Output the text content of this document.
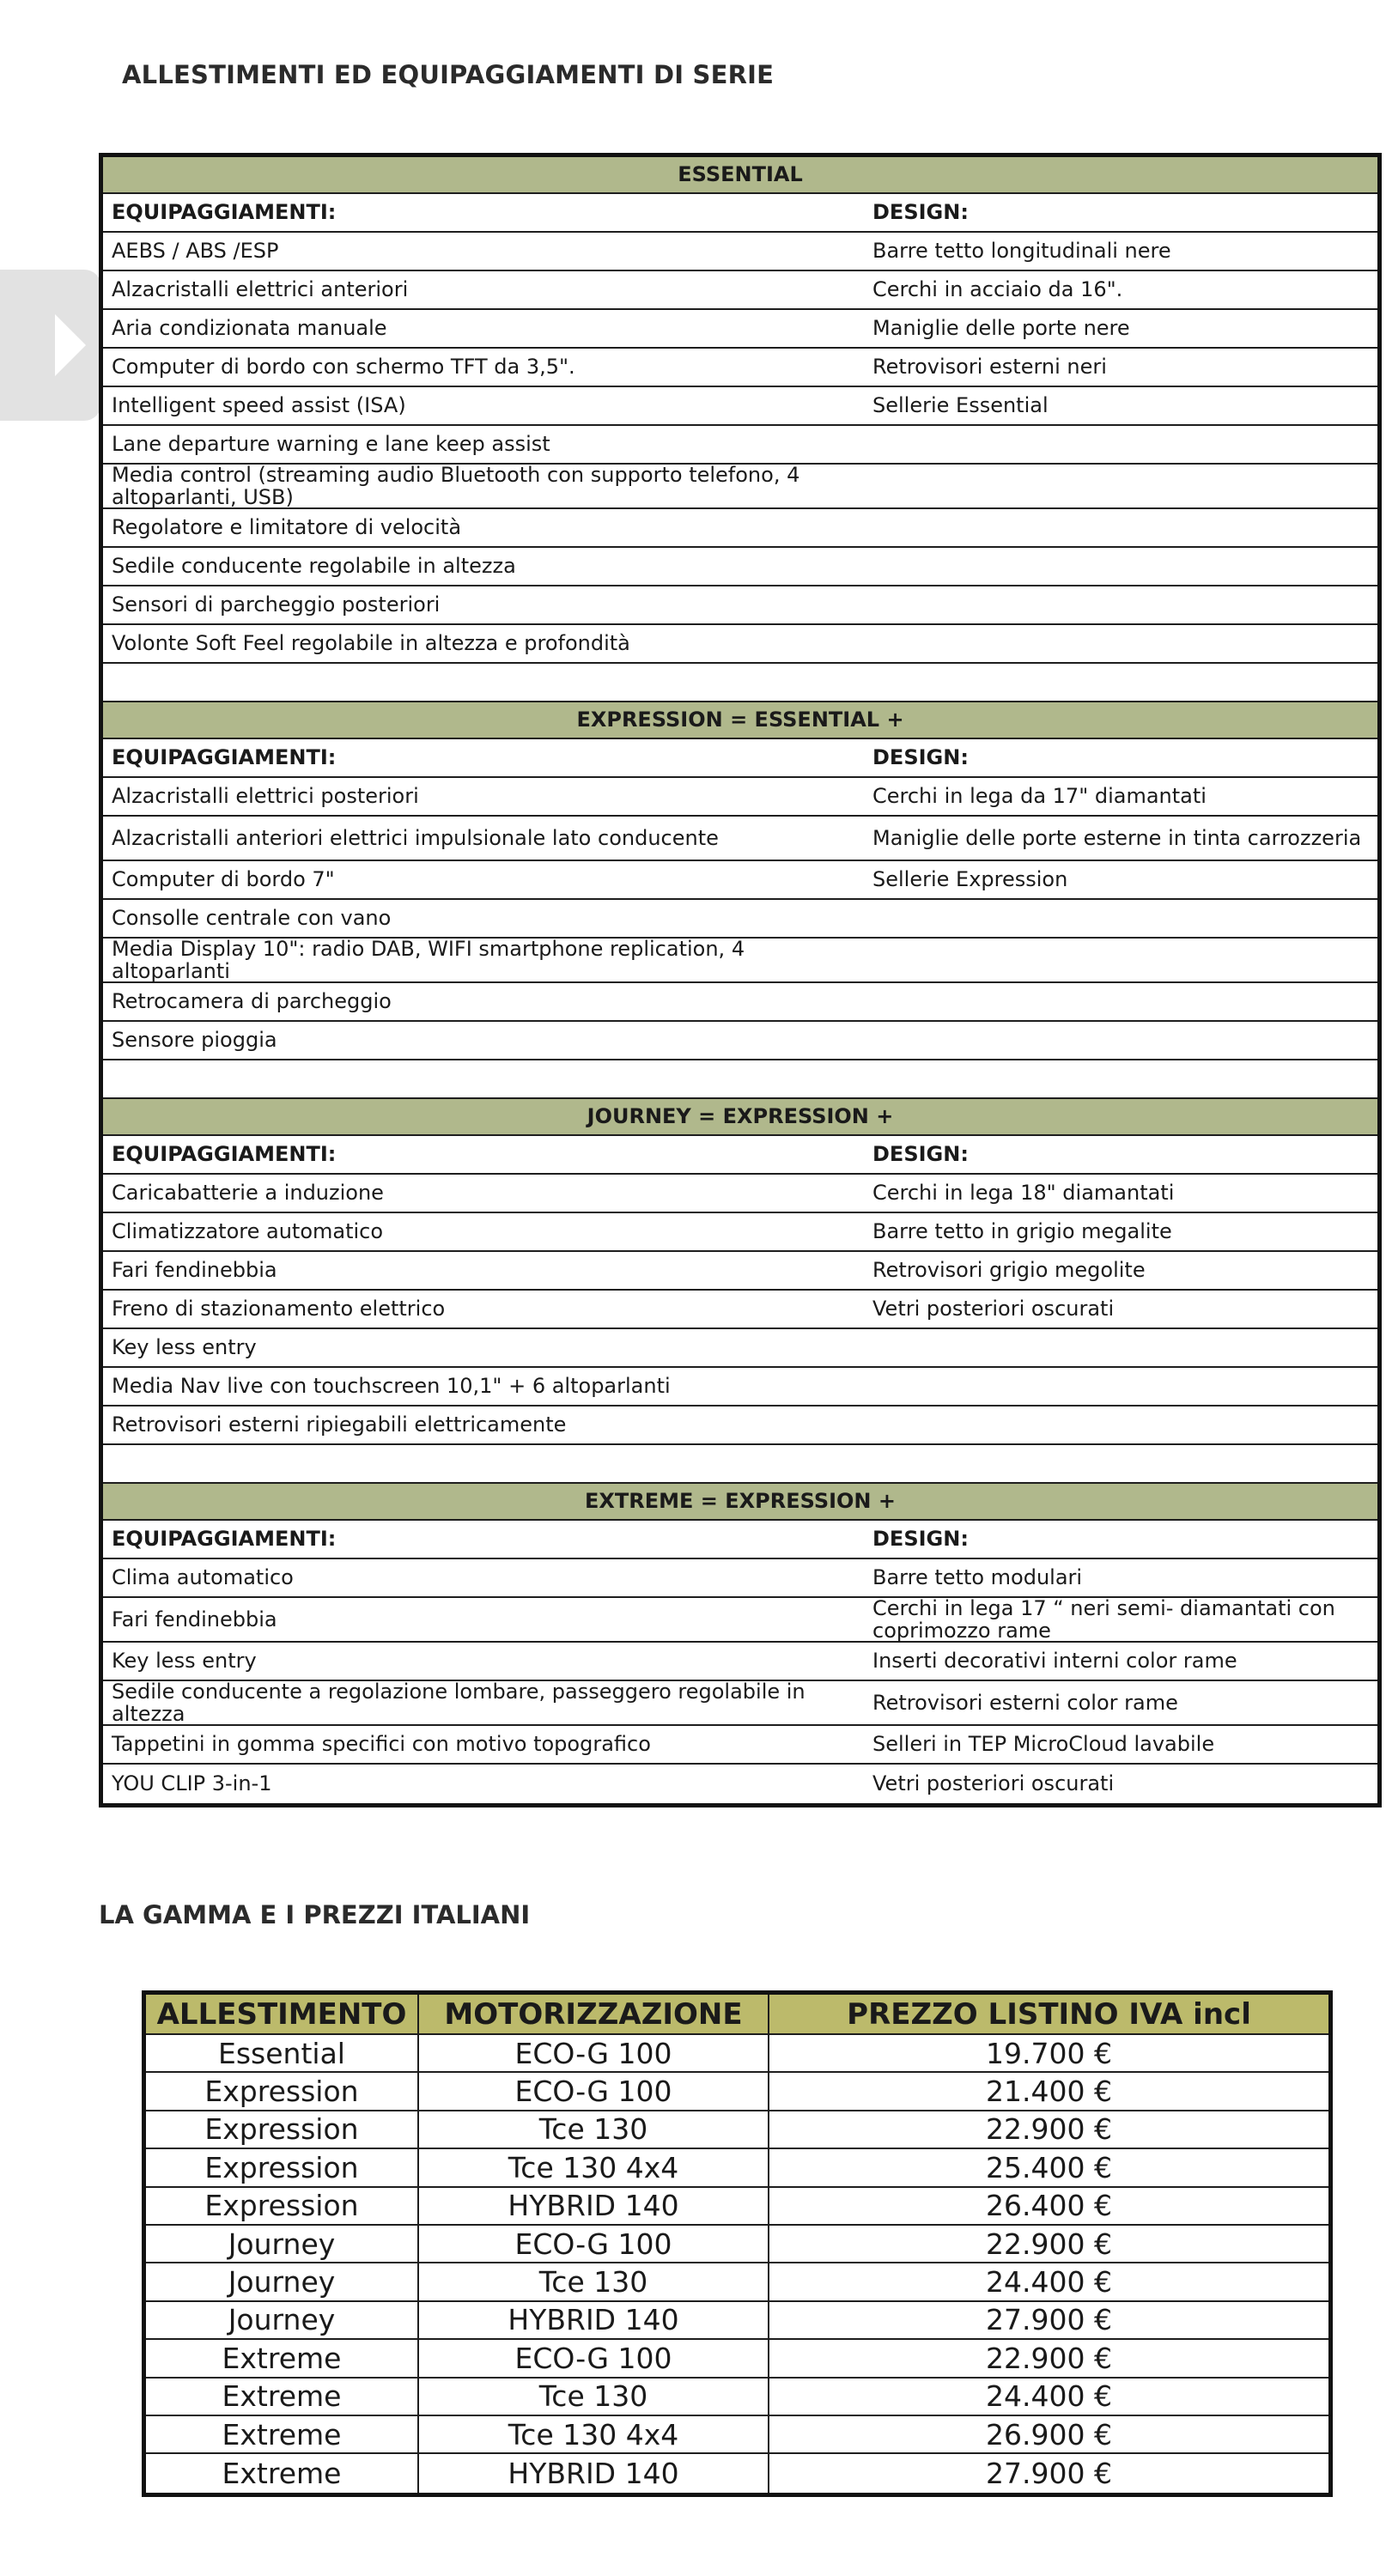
ALLESTIMENTI ED EQUIPAGGIAMENTI DI SERIE
ESSENTIAL
EQUIPAGGIAMENTI:	DESIGN:
AEBS / ABS /ESP	Barre tetto longitudinali nere
Alzacristalli elettrici anteriori	Cerchi in acciaio da 16".
Aria condizionata manuale	Maniglie delle porte nere
Computer di bordo con schermo TFT da 3,5".	Retrovisori esterni neri
Intelligent speed assist (ISA)	Sellerie Essential
Lane departure warning e lane keep assist
Media control (streaming audio Bluetooth con supporto telefono, 4 altoparlanti, USB)
Regolatore e limitatore di velocità
Sedile conducente regolabile in altezza
Sensori di parcheggio posteriori
Volonte Soft Feel regolabile in altezza e profondità
EXPRESSION = ESSENTIAL +
EQUIPAGGIAMENTI:	DESIGN:
Alzacristalli elettrici posteriori	Cerchi in lega da 17" diamantati
Alzacristalli anteriori elettrici impulsionale lato conducente	Maniglie delle porte esterne in tinta carrozzeria
Computer di bordo 7"	Sellerie Expression
Consolle centrale con vano
Media Display 10": radio DAB, WIFI smartphone replication, 4 altoparlanti
Retrocamera di parcheggio
Sensore pioggia
JOURNEY = EXPRESSION +
EQUIPAGGIAMENTI:	DESIGN:
Caricabatterie a induzione	Cerchi in lega 18" diamantati
Climatizzatore automatico	Barre tetto in grigio megalite
Fari fendinebbia	Retrovisori grigio megolite
Freno di stazionamento elettrico	Vetri posteriori oscurati
Key less entry
Media Nav live con touchscreen 10,1" + 6 altoparlanti
Retrovisori esterni ripiegabili elettricamente
EXTREME = EXPRESSION +
EQUIPAGGIAMENTI:	DESIGN:
Clima automatico	Barre tetto modulari
Fari fendinebbia	Cerchi in lega 17 “ neri semi- diamantati con coprimozzo rame
Key less entry	Inserti decorativi interni color rame
Sedile conducente a regolazione lombare, passeggero regolabile in altezza	Retrovisori esterni color rame
Tappetini in gomma specifici con motivo topografico	Selleri in TEP MicroCloud lavabile
YOU CLIP 3-in-1	Vetri posteriori oscurati
LA GAMMA E I PREZZI ITALIANI
ALLESTIMENTO	MOTORIZZAZIONE	PREZZO LISTINO IVA incl
Essential	ECO-G 100	19.700 €
Expression	ECO-G 100	21.400 €
Expression	Tce 130	22.900 €
Expression	Tce 130 4x4	25.400 €
Expression	HYBRID 140	26.400 €
Journey	ECO-G 100	22.900 €
Journey	Tce 130	24.400 €
Journey	HYBRID 140	27.900 €
Extreme	ECO-G 100	22.900 €
Extreme	Tce 130	24.400 €
Extreme	Tce 130 4x4	26.900 €
Extreme	HYBRID 140	27.900 €
